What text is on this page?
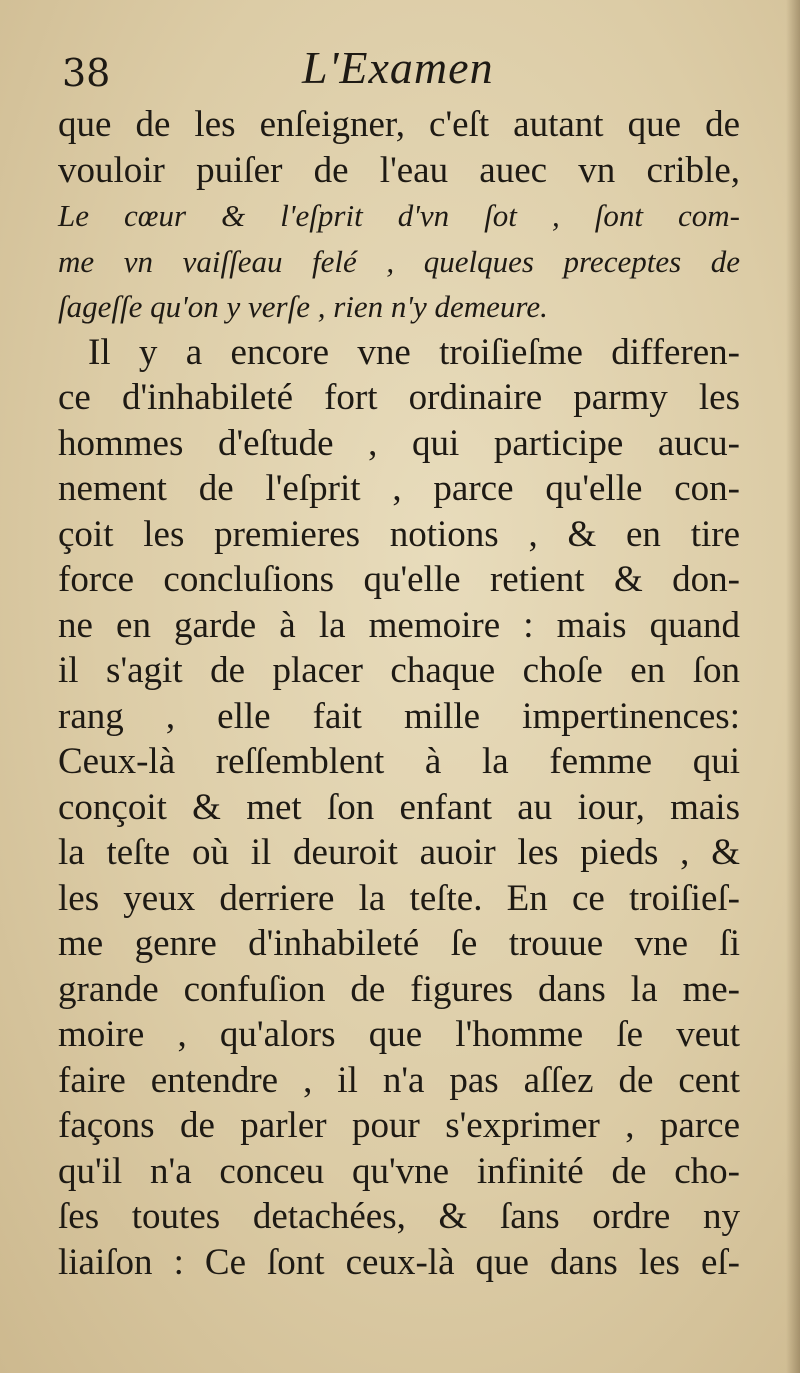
38	L'Examen
que de les enſeigner, c'eſt autant que de
vouloir puiſer de l'eau auec vn crible,
Le cœur & l'eſprit d'vn ſot , ſont com-
me vn vaiſſeau felé , quelques preceptes de
ſageſſe qu'on y verſe , rien n'y demeure.
Il y a encore vne troiſieſme differen-
ce d'inhabileté fort ordinaire parmy les
hommes d'eſtude , qui participe aucu-
nement de l'eſprit , parce qu'elle con-
çoit les premieres notions , & en tire
force concluſions qu'elle retient & don-
ne en garde à la memoire : mais quand
il s'agit de placer chaque choſe en ſon
rang , elle fait mille impertinences:
Ceux-là reſſemblent à la femme qui
conçoit & met ſon enfant au iour, mais
la teſte où il deuroit auoir les pieds , &
les yeux derriere la teſte. En ce troiſieſ-
me genre d'inhabileté ſe trouue vne ſi
grande confuſion de figures dans la me-
moire , qu'alors que l'homme ſe veut
faire entendre , il n'a pas aſſez de cent
façons de parler pour s'exprimer , parce
qu'il n'a conceu qu'vne infinité de cho-
ſes toutes detachées, & ſans ordre ny
liaiſon : Ce ſont ceux-là que dans les eſ-
